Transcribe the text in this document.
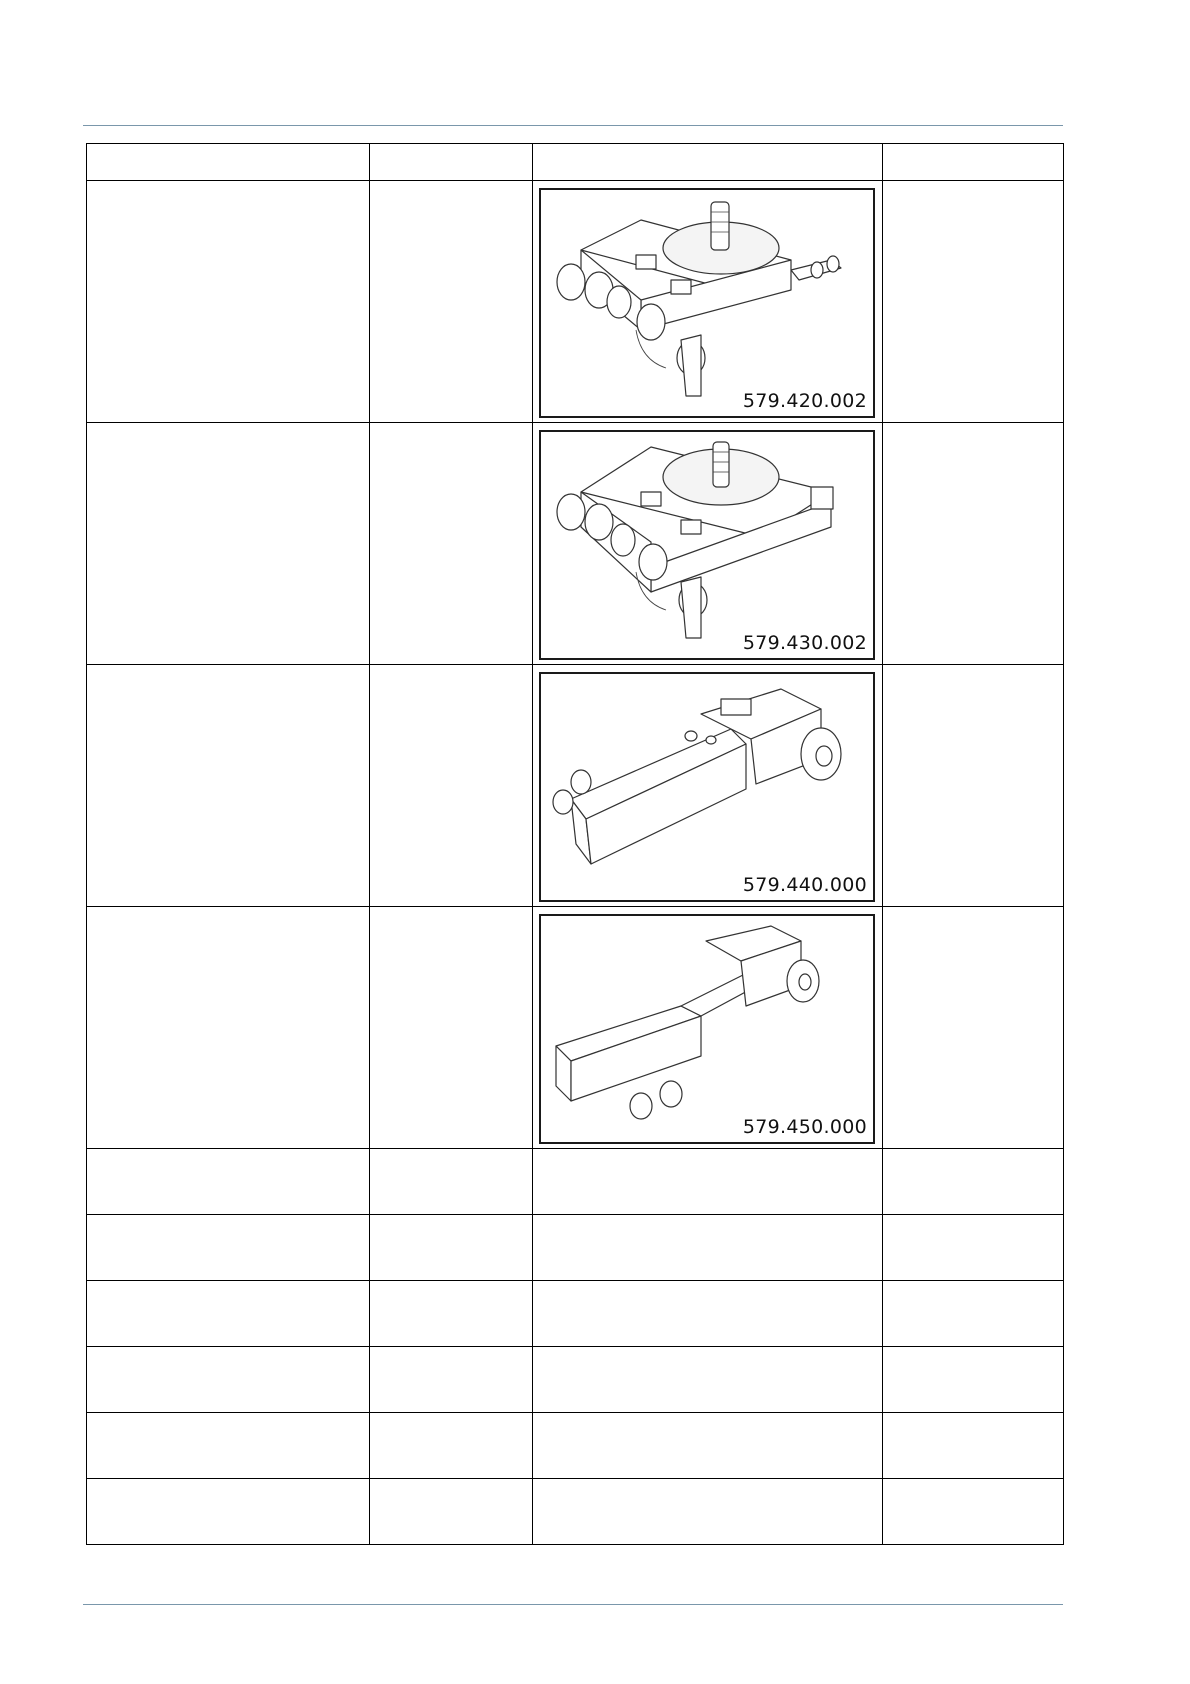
		579.420.002	

		579.430.002	

		579.440.000	

		579.450.000	
